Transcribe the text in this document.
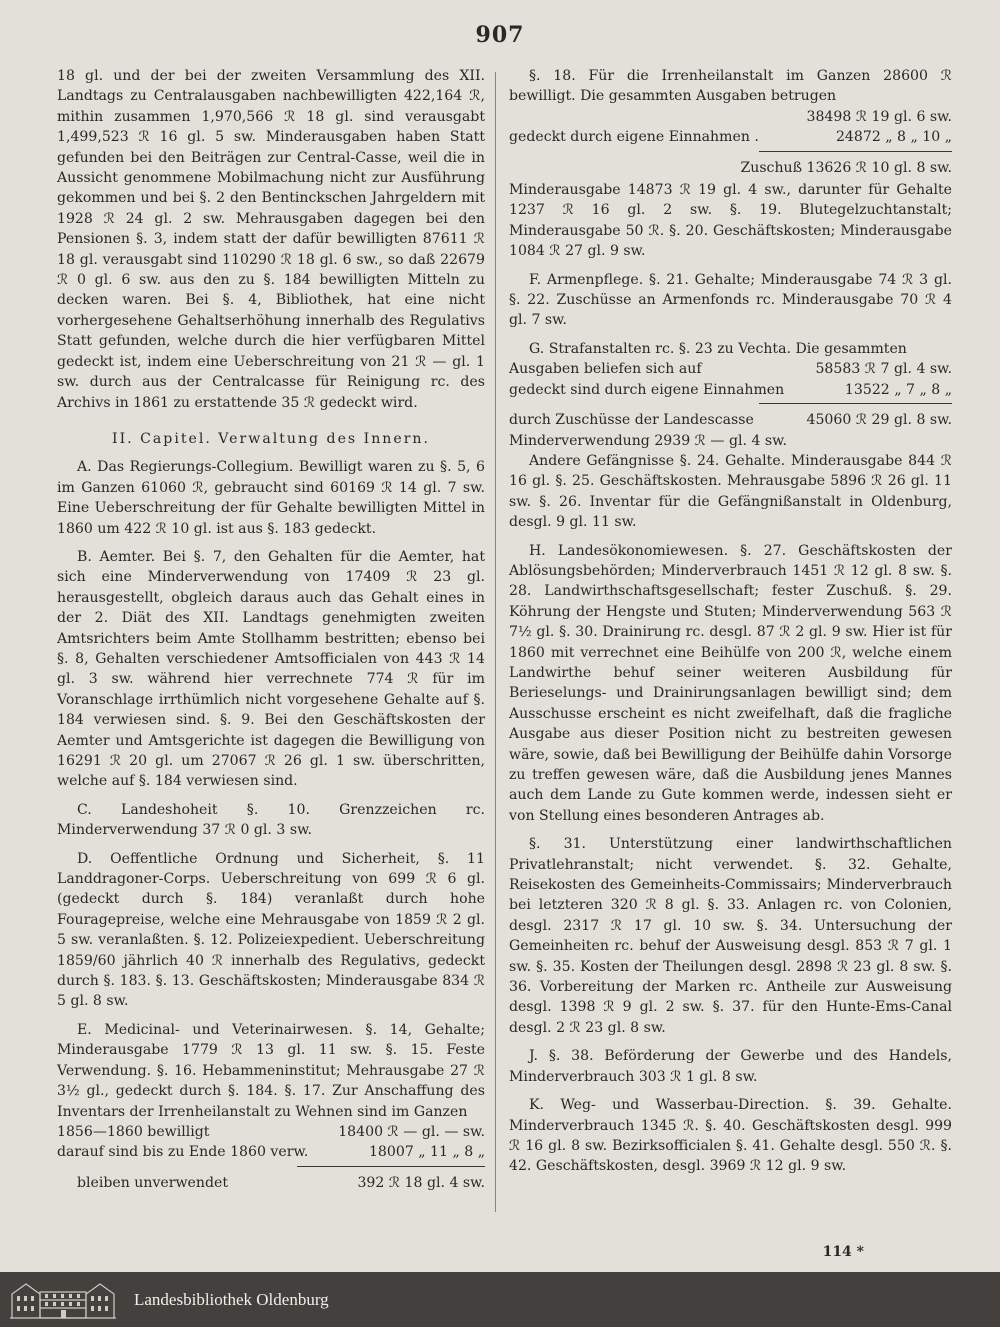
907

18 gl. und der bei der zweiten Versammlung des XII. Landtags zu Centralausgaben nachbewilligten 422,164 ℛ, mithin zusammen 1,970,566 ℛ 18 gl. sind verausgabt 1,499,523 ℛ 16 gl. 5 sw. Minderausgaben haben Statt gefunden bei den Beiträgen zur Central-Casse, weil die in Aussicht genommene Mobilmachung nicht zur Ausführung gekommen und bei §. 2 den Bentinckschen Jahrgeldern mit 1928 ℛ 24 gl. 2 sw. Mehrausgaben dagegen bei den Pensionen §. 3, indem statt der dafür bewilligten 87611 ℛ 18 gl. verausgabt sind 110290 ℛ 18 gl. 6 sw., so daß 22679 ℛ 0 gl. 6 sw. aus den zu §. 184 bewilligten Mitteln zu decken waren. Bei §. 4, Bibliothek, hat eine nicht vorhergesehene Gehaltserhöhung innerhalb des Regulativs Statt gefunden, welche durch die hier verfügbaren Mittel gedeckt ist, indem eine Ueberschreitung von 21 ℛ — gl. 1 sw. durch aus der Centralcasse für Reinigung rc. des Archivs in 1861 zu erstattende 35 ℛ gedeckt wird.

II. Capitel. Verwaltung des Innern.

A. Das Regierungs-Collegium. Bewilligt waren zu §. 5, 6 im Ganzen 61060 ℛ, gebraucht sind 60169 ℛ 14 gl. 7 sw. Eine Ueberschreitung der für Gehalte bewilligten Mittel in 1860 um 422 ℛ 10 gl. ist aus §. 183 gedeckt.

B. Aemter. Bei §. 7, den Gehalten für die Aemter, hat sich eine Minderverwendung von 17409 ℛ 23 gl. herausgestellt, obgleich daraus auch das Gehalt eines in der 2. Diät des XII. Landtags genehmigten zweiten Amtsrichters beim Amte Stollhamm bestritten; ebenso bei §. 8, Gehalten verschiedener Amtsofficialen von 443 ℛ 14 gl. 3 sw. während hier verrechnete 774 ℛ für im Voranschlage irrthümlich nicht vorgesehene Gehalte auf §. 184 verwiesen sind. §. 9. Bei den Geschäftskosten der Aemter und Amtsgerichte ist dagegen die Bewilligung von 16291 ℛ 20 gl. um 27067 ℛ 26 gl. 1 sw. überschritten, welche auf §. 184 verwiesen sind.

C. Landeshoheit §. 10. Grenzzeichen rc. Minderverwendung 37 ℛ 0 gl. 3 sw.

D. Oeffentliche Ordnung und Sicherheit, §. 11 Landdragoner-Corps. Ueberschreitung von 699 ℛ 6 gl. (gedeckt durch §. 184) veranlaßt durch hohe Fouragepreise, welche eine Mehrausgabe von 1859 ℛ 2 gl. 5 sw. veranlaßten. §. 12. Polizeiexpedient. Ueberschreitung 1859/60 jährlich 40 ℛ innerhalb des Regulativs, gedeckt durch §. 183. §. 13. Geschäftskosten; Minderausgabe 834 ℛ 5 gl. 8 sw.

E. Medicinal- und Veterinairwesen. §. 14, Gehalte; Minderausgabe 1779 ℛ 13 gl. 11 sw. §. 15. Feste Verwendung. §. 16. Hebammeninstitut; Mehrausgabe 27 ℛ 3½ gl., gedeckt durch §. 184. §. 17. Zur Anschaffung des Inventars der Irrenheilanstalt zu Wehnen sind im Ganzen

1856—1860 bewilligt	18400 ℛ — gl. — sw.
darauf sind bis zu Ende 1860 verw.	18007 „ 11 „ 8 „
bleiben unverwendet	392 ℛ 18 gl. 4 sw.

§. 18. Für die Irrenheilanstalt im Ganzen 28600 ℛ bewilligt. Die gesammten Ausgaben betrugen

38498 ℛ 19 gl. 6 sw.
gedeckt durch eigene Einnahmen .	24872 „ 8 „ 10 „
Zuschuß 13626 ℛ 10 gl. 8 sw.

Minderausgabe 14873 ℛ 19 gl. 4 sw., darunter für Gehalte 1237 ℛ 16 gl. 2 sw. §. 19. Blutegelzuchtanstalt; Minderausgabe 50 ℛ. §. 20. Geschäftskosten; Minderausgabe 1084 ℛ 27 gl. 9 sw.

F. Armenpflege. §. 21. Gehalte; Minderausgabe 74 ℛ 3 gl. §. 22. Zuschüsse an Armenfonds rc. Minderausgabe 70 ℛ 4 gl. 7 sw.

G. Strafanstalten rc. §. 23 zu Vechta. Die gesammten

Ausgaben beliefen sich auf	58583 ℛ 7 gl. 4 sw.
gedeckt sind durch eigene Einnahmen	13522 „ 7 „ 8 „
durch Zuschüsse der Landescasse	45060 ℛ 29 gl. 8 sw.

Minderverwendung 2939 ℛ — gl. 4 sw.

Andere Gefängnisse §. 24. Gehalte. Minderausgabe 844 ℛ 16 gl. §. 25. Geschäftskosten. Mehrausgabe 5896 ℛ 26 gl. 11 sw. §. 26. Inventar für die Gefängnißanstalt in Oldenburg, desgl. 9 gl. 11 sw.

H. Landesökonomiewesen. §. 27. Geschäftskosten der Ablösungsbehörden; Minderverbrauch 1451 ℛ 12 gl. 8 sw. §. 28. Landwirthschaftsgesellschaft; fester Zuschuß. §. 29. Köhrung der Hengste und Stuten; Minderverwendung 563 ℛ 7½ gl. §. 30. Drainirung rc. desgl. 87 ℛ 2 gl. 9 sw. Hier ist für 1860 mit verrechnet eine Beihülfe von 200 ℛ, welche einem Landwirthe behuf seiner weiteren Ausbildung für Berieselungs- und Drainirungsanlagen bewilligt sind; dem Ausschusse erscheint es nicht zweifelhaft, daß die fragliche Ausgabe aus dieser Position nicht zu bestreiten gewesen wäre, sowie, daß bei Bewilligung der Beihülfe dahin Vorsorge zu treffen gewesen wäre, daß die Ausbildung jenes Mannes auch dem Lande zu Gute kommen werde, indessen sieht er von Stellung eines besonderen Antrages ab.

§. 31. Unterstützung einer landwirthschaftlichen Privatlehranstalt; nicht verwendet. §. 32. Gehalte, Reisekosten des Gemeinheits-Commissairs; Minderverbrauch bei letzteren 320 ℛ 8 gl. §. 33. Anlagen rc. von Colonien, desgl. 2317 ℛ 17 gl. 10 sw. §. 34. Untersuchung der Gemeinheiten rc. behuf der Ausweisung desgl. 853 ℛ 7 gl. 1 sw. §. 35. Kosten der Theilungen desgl. 2898 ℛ 23 gl. 8 sw. §. 36. Vorbereitung der Marken rc. Antheile zur Ausweisung desgl. 1398 ℛ 9 gl. 2 sw. §. 37. für den Hunte-Ems-Canal desgl. 2 ℛ 23 gl. 8 sw.

J. §. 38. Beförderung der Gewerbe und des Handels, Minderverbrauch 303 ℛ 1 gl. 8 sw.

K. Weg- und Wasserbau-Direction. §. 39. Gehalte. Minderverbrauch 1345 ℛ. §. 40. Geschäftskosten desgl. 999 ℛ 16 gl. 8 sw. Bezirksofficialen §. 41. Gehalte desgl. 550 ℛ. §. 42. Geschäftskosten, desgl. 3969 ℛ 12 gl. 9 sw.

114 *
Landesbibliothek Oldenburg
